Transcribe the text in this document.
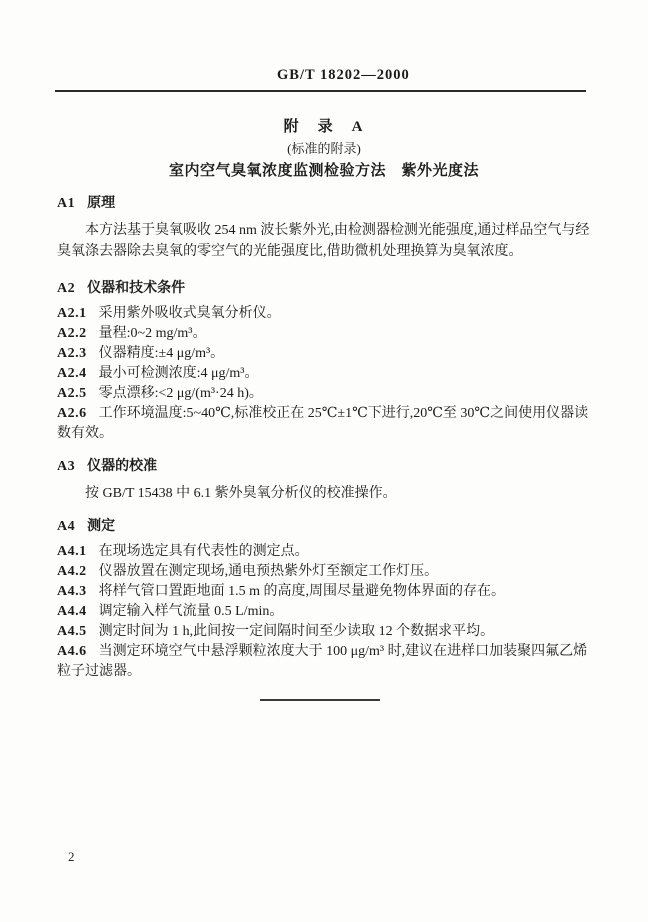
GB/T 18202—2000
附　录　A
(标准的附录)
室内空气臭氧浓度监测检验方法　紫外光度法
A1 原理

本方法基于臭氧吸收 254 nm 波长紫外光,由检测器检测光能强度,通过样品空气与经臭氧涤去器除去臭氧的零空气的光能强度比,借助微机处理换算为臭氧浓度。

A2 仪器和技术条件
A2.1 采用紫外吸收式臭氧分析仪。
A2.2 量程:0~2 mg/m³。
A2.3 仪器精度:±4 μg/m³。
A2.4 最小可检测浓度:4 μg/m³。
A2.5 零点漂移:<2 μg/(m³·24 h)。
A2.6 工作环境温度:5~40℃,标准校正在 25℃±1℃下进行,20℃至 30℃之间使用仪器读数有效。
A3 仪器的校准

按 GB/T 15438 中 6.1 紫外臭氧分析仪的校准操作。

A4 测定
A4.1 在现场选定具有代表性的测定点。
A4.2 仪器放置在测定现场,通电预热紫外灯至额定工作灯压。
A4.3 将样气管口置距地面 1.5 m 的高度,周围尽量避免物体界面的存在。
A4.4 调定输入样气流量 0.5 L/min。
A4.5 测定时间为 1 h,此间按一定间隔时间至少读取 12 个数据求平均。
A4.6 当测定环境空气中悬浮颗粒浓度大于 100 μg/m³ 时,建议在进样口加装聚四氟乙烯粒子过滤器。
2
